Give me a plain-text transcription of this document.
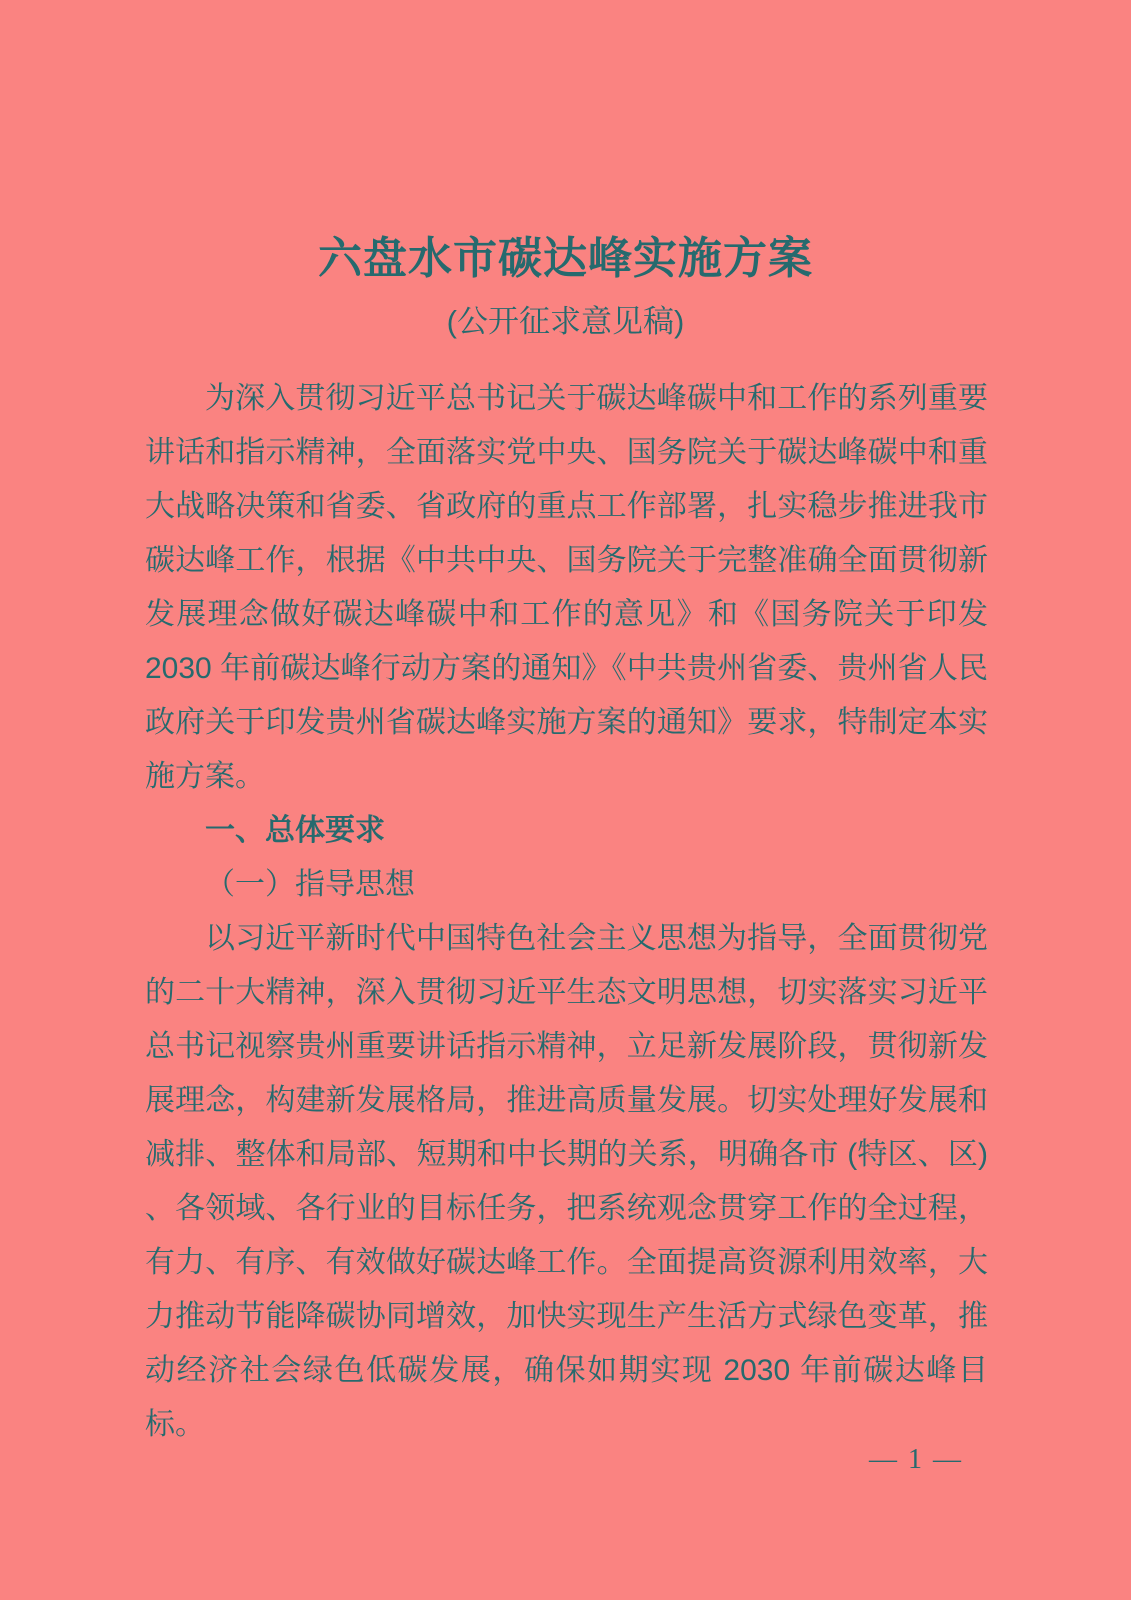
六盘水市碳达峰实施方案
(公开征求意见稿)

为深入贯彻习近平总书记关于碳达峰碳中和工作的系列重要讲话和指示精神，全面落实党中央、国务院关于碳达峰碳中和重大战略决策和省委、省政府的重点工作部署，扎实稳步推进我市碳达峰工作，根据《中共中央、国务院关于完整准确全面贯彻新发展理念做好碳达峰碳中和工作的意见》和《国务院关于印发2030 年前碳达峰行动方案的通知》《中共贵州省委、贵州省人民政府关于印发贵州省碳达峰实施方案的通知》要求，特制定本实施方案。

一、总体要求

（一）指导思想

以习近平新时代中国特色社会主义思想为指导，全面贯彻党的二十大精神，深入贯彻习近平生态文明思想，切实落实习近平总书记视察贵州重要讲话指示精神，立足新发展阶段，贯彻新发展理念，构建新发展格局，推进高质量发展。切实处理好发展和减排、整体和局部、短期和中长期的关系，明确各市 (特区、区) 、各领域、各行业的目标任务，把系统观念贯穿工作的全过程，有力、有序、有效做好碳达峰工作。全面提高资源利用效率，大力推动节能降碳协同增效，加快实现生产生活方式绿色变革，推动经济社会绿色低碳发展，确保如期实现 2030 年前碳达峰目标。

— 1 —
